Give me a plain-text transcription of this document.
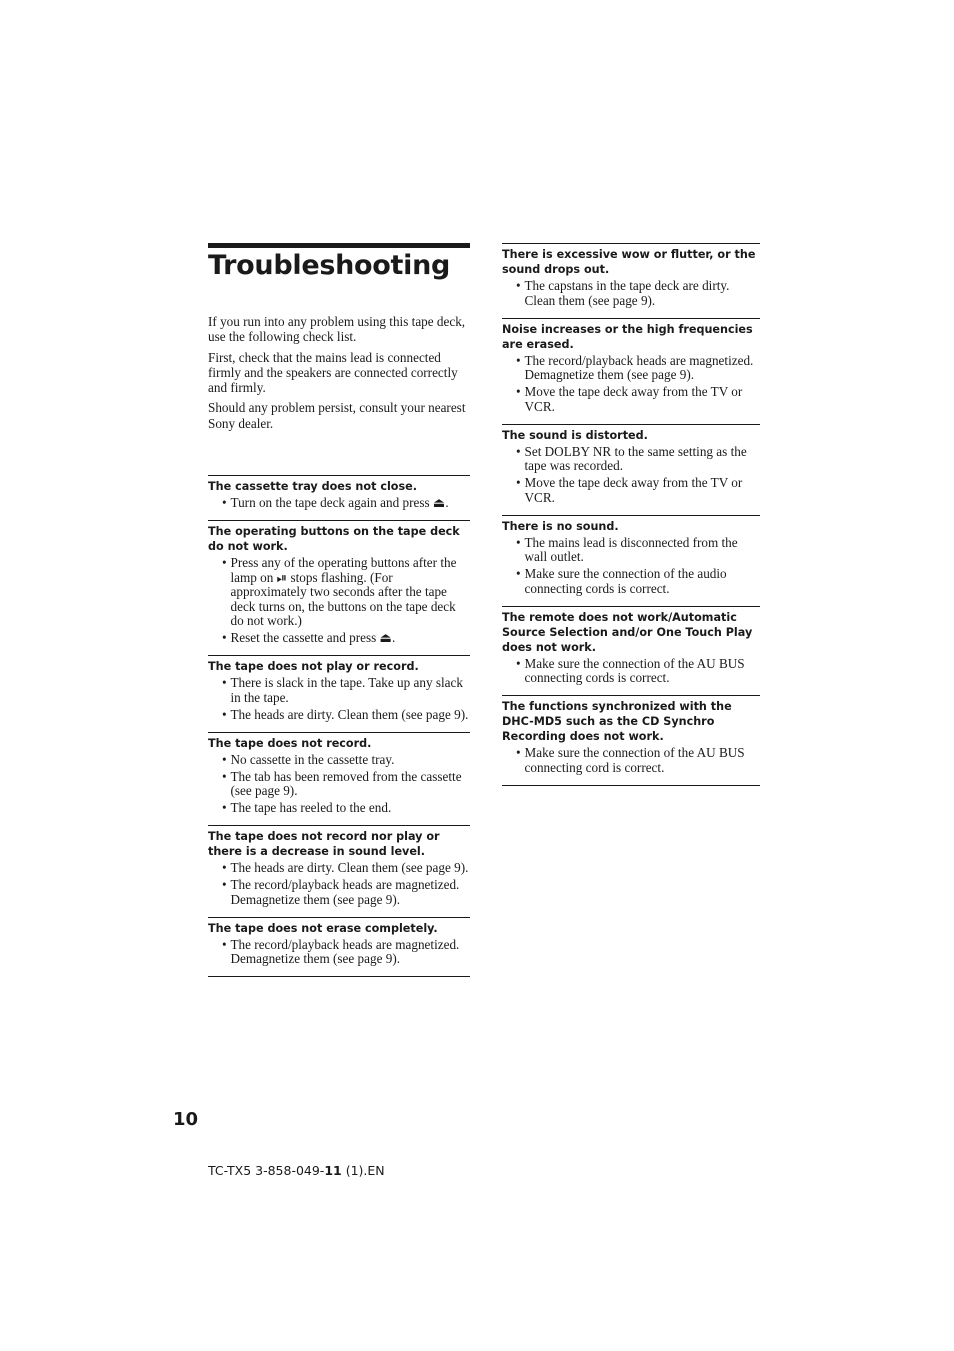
Troubleshooting

If you run into any problem using this tape deck, use the following check list.

First, check that the mains lead is connected firmly and the speakers are connected correctly and firmly.

Should any problem persist, consult your nearest Sony dealer.

The cassette tray does not close.
• Turn on the tape deck again and press ⏏.
The operating buttons on the tape deck do not work.
• Press any of the operating buttons after the lamp on ⏯ stops flashing. (For approximately two seconds after the tape deck turns on, the buttons on the tape deck do not work.)
• Reset the cassette and press ⏏.
The tape does not play or record.
• There is slack in the tape. Take up any slack in the tape.
• The heads are dirty. Clean them (see page 9).
The tape does not record.
• No cassette in the cassette tray.
• The tab has been removed from the cassette (see page 9).
• The tape has reeled to the end.
The tape does not record nor play or there is a decrease in sound level.
• The heads are dirty. Clean them (see page 9).
• The record/playback heads are magnetized. Demagnetize them (see page 9).
The tape does not erase completely.
• The record/playback heads are magnetized. Demagnetize them (see page 9).
There is excessive wow or flutter, or the sound drops out.
• The capstans in the tape deck are dirty. Clean them (see page 9).
Noise increases or the high frequencies are erased.
• The record/playback heads are magnetized. Demagnetize them (see page 9).
• Move the tape deck away from the TV or VCR.
The sound is distorted.
• Set DOLBY NR to the same setting as the tape was recorded.
• Move the tape deck away from the TV or VCR.
There is no sound.
• The mains lead is disconnected from the wall outlet.
• Make sure the connection of the audio connecting cords is correct.
The remote does not work/Automatic Source Selection and/or One Touch Play does not work.
• Make sure the connection of the AU BUS connecting cords is correct.
The functions synchronized with the DHC-MD5 such as the CD Synchro Recording does not work.
• Make sure the connection of the AU BUS connecting cord is correct.
10
TC-TX5 3-858-049-11 (1).EN
